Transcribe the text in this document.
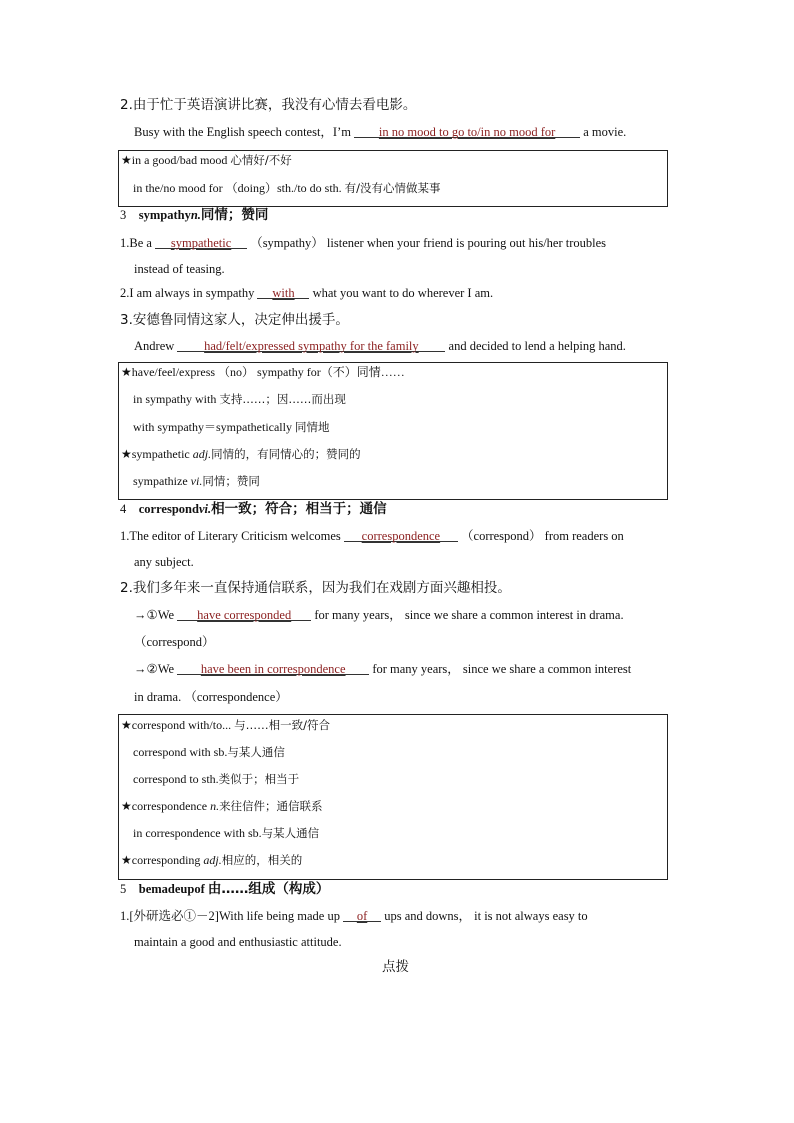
2.由于忙于英语演讲比赛，我没有心情去看电影。
Busy with the English speech contest，I’m in no mood to go to/in no mood for a movie.
★in a good/bad mood 心情好/不好
in the/no mood for （doing）sth./to do sth. 有/没有心情做某事
3 sympathyn.同情；赞同
1.Be a sympathetic （sympathy） listener when your friend is pouring out his/her troubles
instead of teasing.
2.I am always in sympathy with what you want to do wherever I am.
3.安德鲁同情这家人，决定伸出援手。
Andrew had/felt/expressed sympathy for the family and decided to lend a helping hand.
★have/feel/express （no） sympathy for（不）同情……
in sympathy with 支持……；因……而出现
with sympathy＝sympathetically 同情地
★sympathetic adj.同情的，有同情心的；赞同的
sympathize vi.同情；赞同
4 correspondvi.相一致；符合；相当于；通信
1.The editor of Literary Criticism welcomes correspondence （correspond） from readers on
any subject.
2.我们多年来一直保持通信联系，因为我们在戏剧方面兴趣相投。
→①We have corresponded for many years， since we share a common interest in drama.
（correspond）
→②We have been in correspondence for many years， since we share a common interest
in drama. （correspondence）
★correspond with/to... 与……相一致/符合
correspond with sb.与某人通信
correspond to sth.类似于；相当于
★correspondence n.来往信件；通信联系
in correspondence with sb.与某人通信
★corresponding adj.相应的，相关的
5 bemadeupof 由……组成（构成）
1.[外研选必①－2]With life being made up of ups and downs， it is not always easy to
maintain a good and enthusiastic attitude.
点拨
